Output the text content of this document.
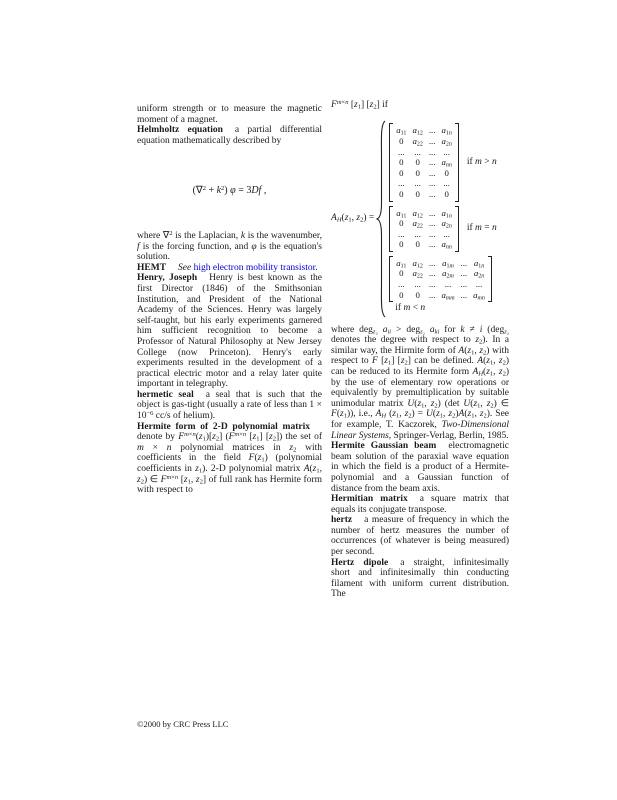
uniform strength or to measure the magnetic moment of a magnet.

Helmholtz equation a partial differential equation mathematically described by

$(\nabla^2 + k^2)$ φ = 3Df ,

where ∇$^2$ is the Laplacian, k is the wavenumber, f is the forcing function, and φ is the equation's solution.

HEMT See high electron mobility transistor.

Henry, Joseph Henry is best known as the first Director (1846) of the Smithsonian Institution, and President of the National Academy of the Sciences. Henry was largely self-taught, but his early experiments garnered him sufficient recognition to become a Professor of Natural Philosophy at New Jersey College (now Princeton). Henry's early experiments resulted in the development of a practical electric motor and a relay later quite important in telegraphy.

hermetic seal a seal that is such that the object is gas-tight (usually a rate of less than $1 \times 10^{-6}$ cc/s of helium).

Hermite form of 2-D polynomial matrixdenote by $F^{m\times n}(z_1)[z_2]$ ($F^{m\times n}$ $[z_1]$ $[z_2]$) the set of m × n polynomial matrices in $z_2$ with coefficients in the field $F(z_1)$ (polynomial coefficients in $z_1$). 2-D polynomial matrix $A(z_1$, $z_2$) ∈ $F^{m\times n}$ [$z_1$, $z_2$] of full rank has Hermite form with respect to

$F^{m\times n}$ $[z_1]$ $[z_2]$ if

$A_H(z_1$, $z_2$) =
$a_{11}$ $a_{12}$ ... $a_{1n}$
0 $a_{22}$ ... $a_{2n}$
... ... ... ...
0 0 ... $a_{nn}$
0 0 ... 0
... ... ... ...
0 0 ... 0
if m > n
$a_{11}$ $a_{12}$ ... $a_{1n}$
0 $a_{22}$ ... $a_{2n}$
... ... ... ...
0 0 ... $a_{nn}$
if m = n
$a_{11}$ $a_{12}$ ... $a_{1m}$ ... $a_{1n}$
0 $a_{22}$ ... $a_{2m}$ ... $a_{2n}$
... ... ... ... ... ...
0 0 ... $a_{mm}$ ... $a_{mn}$
if m < n

where deg$_{z_2}$ $a_{ii} > deg_{z_2}$ $a_{ki}$ for k ≠ i (deg$_{z_2}$ denotes the degree with respect to $z_2$). In a similar way, the Hirmite form of $A(z_1$, $z_2$) with respect to F $[z_1]$ $[z_2]$ can be defined. $A(z_1$, $z_2$) can be reduced to its Hermite form $A_H(z_1$, $z_2$) by the use of elementary row operations or equivalently by premultiplication by suitable unimodular matrix $U(z_1$, $z_2$) (det $U(z_1$, $z_2$) ∈ $F(z_1)$), i.e., $A_H$ ($z_1$, $z_2) = U(z_1$, $z_2)A(z_1$, $z_2$). See for example, T. Kaczorek, Two-Dimensional Linear Systems, Springer-Verlag, Berlin, 1985.

Hermite Gaussian beam electromagnetic beam solution of the paraxial wave equation in which the field is a product of a Hermite-polynomial and a Gaussian function of distance from the beam axis.

Hermitian matrix a square matrix that equals its conjugate transpose.

hertz a measure of frequency in which the number of hertz measures the number of occurrences (of whatever is being measured) per second.

Hertz dipole a straight, infinitesimally short and infinitesimally thin conducting filament with uniform current distribution. The

©2000 by CRC Press LLC
